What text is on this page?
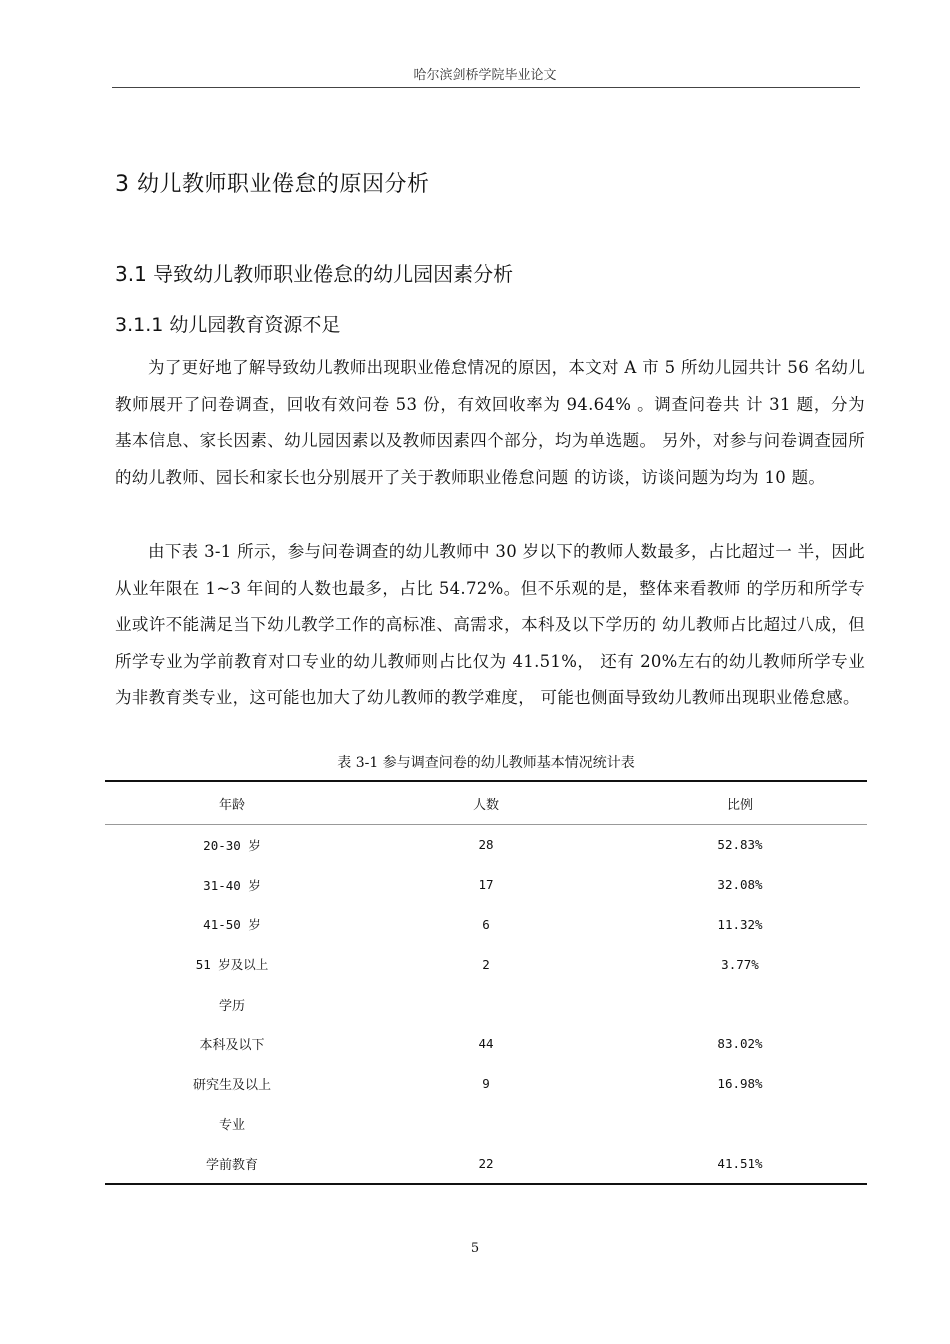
哈尔滨剑桥学院毕业论文
3 幼儿教师职业倦怠的原因分析
3.1 导致幼儿教师职业倦怠的幼儿园因素分析
3.1.1 幼儿园教育资源不足
为了更好地了解导致幼儿教师出现职业倦怠情况的原因，本文对 A 市 5 所幼儿园共计 56 名幼儿教师展开了问卷调查，回收有效问卷 53 份，有效回收率为 94.64% 。调查问卷共 计 31 题，分为基本信息、家长因素、幼儿园因素以及教师因素四个部分，均为单选题。 另外，对参与问卷调查园所的幼儿教师、园长和家长也分别展开了关于教师职业倦怠问题 的访谈，访谈问题为均为 10 题。
由下表 3-1 所示，参与问卷调查的幼儿教师中 30 岁以下的教师人数最多，占比超过一 半，因此从业年限在 1~3 年间的人数也最多，占比 54.72%。但不乐观的是，整体来看教师 的学历和所学专业或许不能满足当下幼儿教学工作的高标准、高需求，本科及以下学历的 幼儿教师占比超过八成，但所学专业为学前教育对口专业的幼儿教师则占比仅为 41.51%， 还有 20%左右的幼儿教师所学专业为非教育类专业，这可能也加大了幼儿教师的教学难度， 可能也侧面导致幼儿教师出现职业倦怠感。
表 3-1 参与调查问卷的幼儿教师基本情况统计表
年龄	人数	比例
20-30 岁	28	52.83%
31-40 岁	17	32.08%
41-50 岁	6	11.32%
51 岁及以上	2	3.77%
学历
本科及以下	44	83.02%
研究生及以上	9	16.98%
专业
学前教育	22	41.51%
5
